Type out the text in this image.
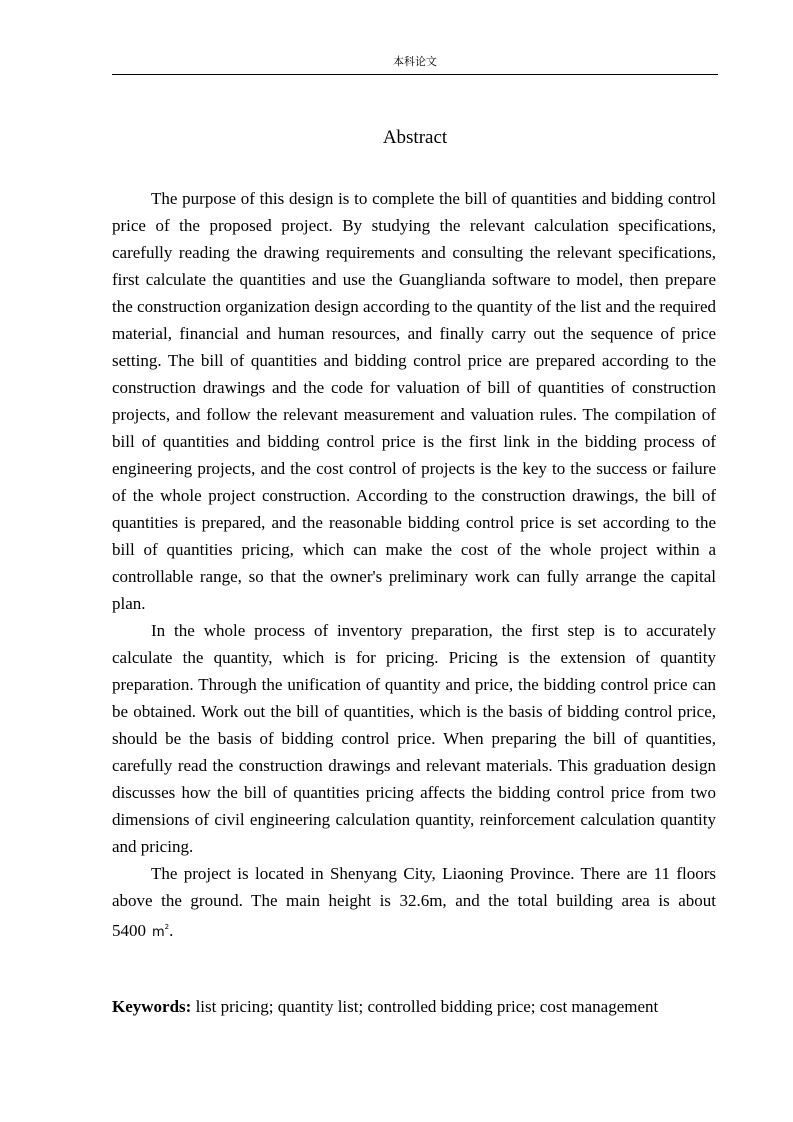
本科论文
Abstract

The purpose of this design is to complete the bill of quantities and bidding control price of the proposed project. By studying the relevant calculation specifications, carefully reading the drawing requirements and consulting the relevant specifications, first calculate the quantities and use the Guanglianda software to model, then prepare the construction organization design according to the quantity of the list and the required material, financial and human resources, and finally carry out the sequence of price setting. The bill of quantities and bidding control price are prepared according to the construction drawings and the code for valuation of bill of quantities of construction projects, and follow the relevant measurement and valuation rules. The compilation of bill of quantities and bidding control price is the first link in the bidding process of engineering projects, and the cost control of projects is the key to the success or failure of the whole project construction. According to the construction drawings, the bill of quantities is prepared, and the reasonable bidding control price is set according to the bill of quantities pricing, which can make the cost of the whole project within a controllable range, so that the owner's preliminary work can fully arrange the capital plan.

In the whole process of inventory preparation, the first step is to accurately calculate the quantity, which is for pricing. Pricing is the extension of quantity preparation. Through the unification of quantity and price, the bidding control price can be obtained. Work out the bill of quantities, which is the basis of bidding control price, should be the basis of bidding control price. When preparing the bill of quantities, carefully read the construction drawings and relevant materials. This graduation design discusses how the bill of quantities pricing affects the bidding control price from two dimensions of civil engineering calculation quantity, reinforcement calculation quantity and pricing.

The project is located in Shenyang City, Liaoning Province. There are 11 floors above the ground. The main height is 32.6m, and the total building area is about 5400 $m^2$.

Keywords: list pricing; quantity list; controlled bidding price; cost management
